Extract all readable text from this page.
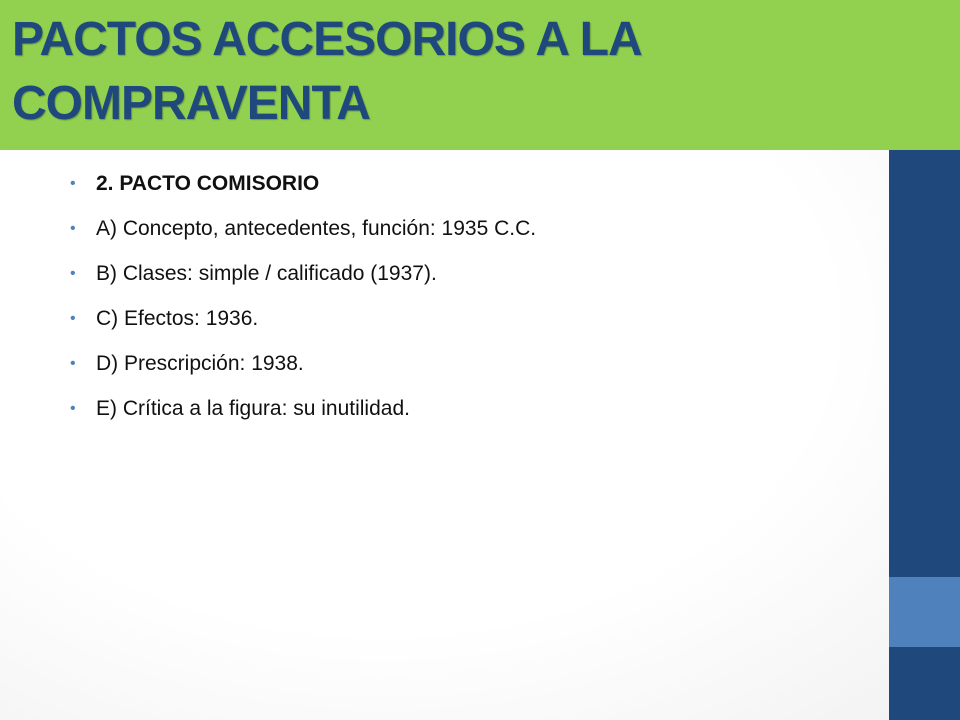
PACTOS ACCESORIOS A LA COMPRAVENTA
• 2. PACTO COMISORIO
• A) Concepto, antecedentes, función: 1935 C.C.
• B) Clases: simple / calificado (1937).
• C) Efectos: 1936.
• D) Prescripción: 1938.
• E) Crítica a la figura: su inutilidad.
